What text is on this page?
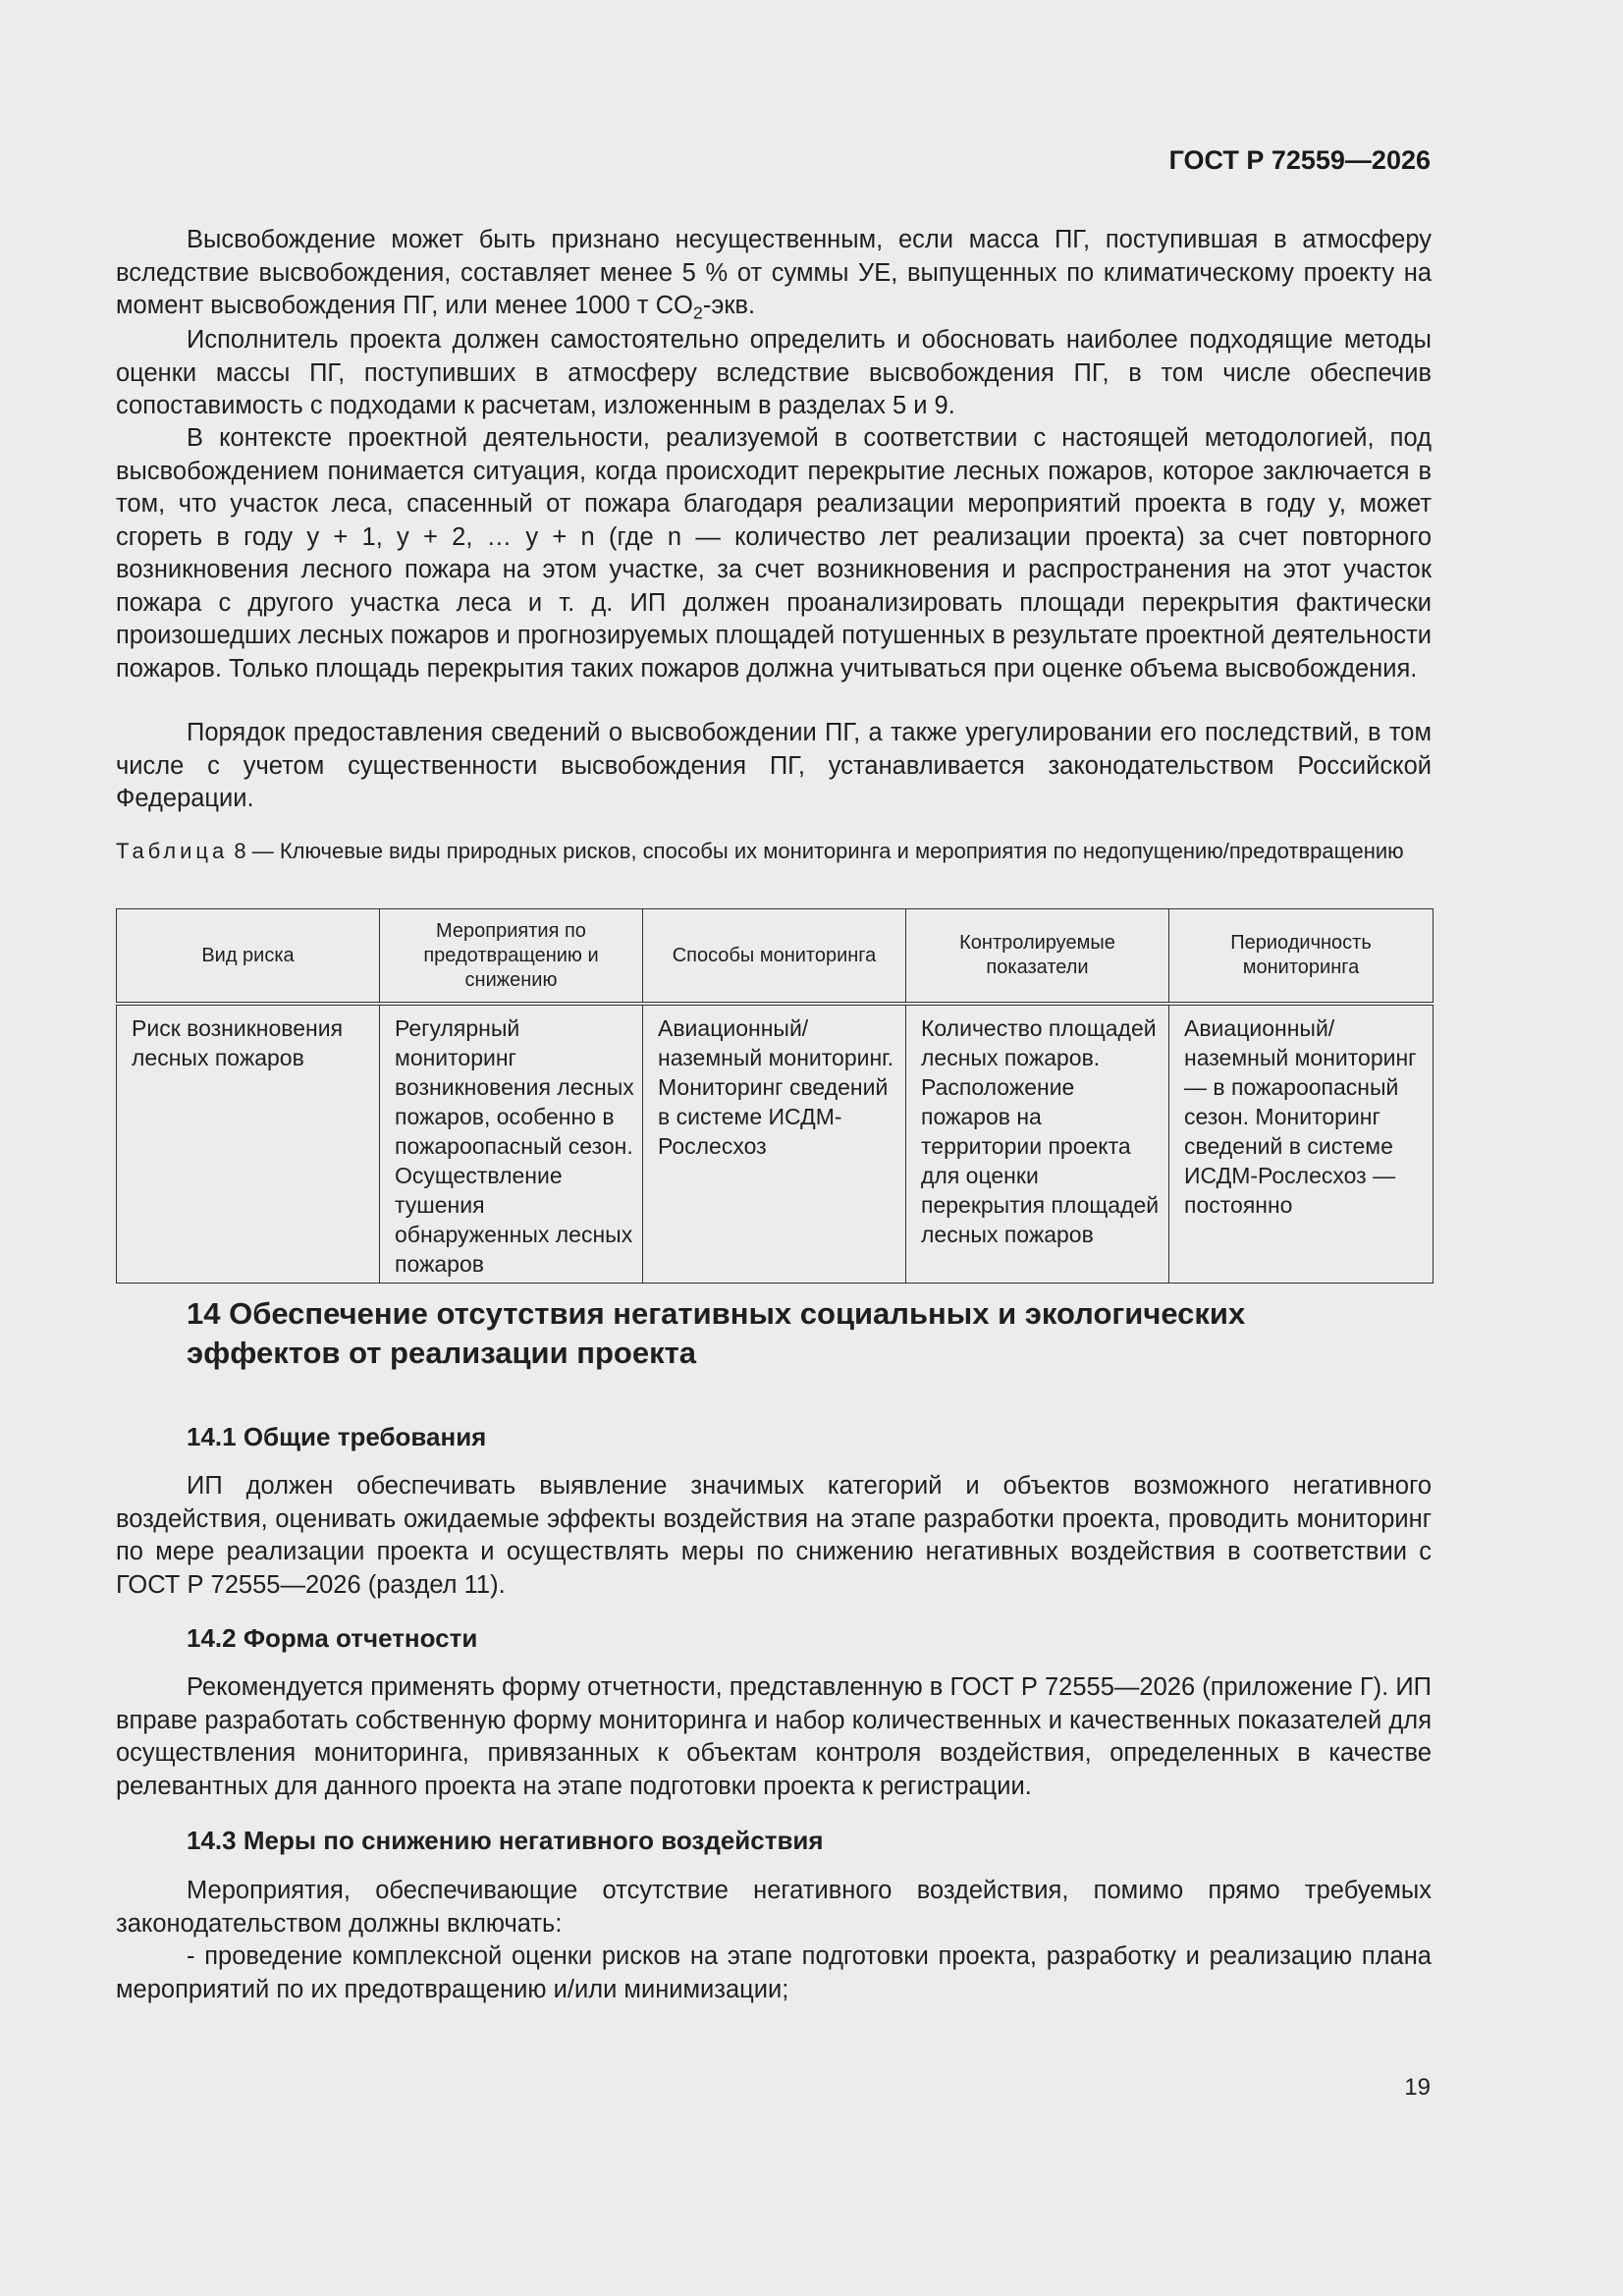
ГОСТ Р 72559—2026

Высвобождение может быть признано несущественным, если масса ПГ, поступившая в атмосферу вследствие высвобождения, составляет менее 5 % от суммы УЕ, выпущенных по климатическому проекту на момент высвобождения ПГ, или менее 1000 т $CO_2$-экв.

Исполнитель проекта должен самостоятельно определить и обосновать наиболее подходящие методы оценки массы ПГ, поступивших в атмосферу вследствие высвобождения ПГ, в том числе обеспечив сопоставимость с подходами к расчетам, изложенным в разделах 5 и 9.

В контексте проектной деятельности, реализуемой в соответствии с настоящей методологией, под высвобождением понимается ситуация, когда происходит перекрытие лесных пожаров, которое заключается в том, что участок леса, спасенный от пожара благодаря реализации мероприятий проекта в году y, может сгореть в году y + 1, y + 2, … y + n (где n — количество лет реализации проекта) за счет повторного возникновения лесного пожара на этом участке, за счет возникновения и распространения на этот участок пожара с другого участка леса и т. д. ИП должен проанализировать площади перекрытия фактически произошедших лесных пожаров и прогнозируемых площадей потушенных в результате проектной деятельности пожаров. Только площадь перекрытия таких пожаров должна учитываться при оценке объема высвобождения.

Порядок предоставления сведений о высвобождении ПГ, а также урегулировании его последствий, в том числе с учетом существенности высвобождения ПГ, устанавливается законодательством Российской Федерации.

Таблица 8 — Ключевые виды природных рисков, способы их мониторинга и мероприятия по недопущению/предотвращению
Вид риска	Мероприятия по предотвращению и снижению	Способы мониторинга	Контролируемые показатели	Периодичность мониторинга
Риск возникновения лесных пожаров	Регулярный мониторинг возникновения лесных пожаров, особенно в пожароопасный сезон. Осуществление тушения обнаруженных лесных пожаров	Авиационный/наземный мониторинг. Мониторинг сведений в системе ИСДМ-Рослесхоз	Количество площадей лесных пожаров. Расположение пожаров на территории проекта для оценки перекрытия площадей лесных пожаров	Авиационный/наземный мониторинг — в пожароопасный сезон. Мониторинг сведений в системе ИСДМ-Рослесхоз — постоянно
14 Обеспечение отсутствия негативных социальных и экологических эффектов от реализации проекта
14.1 Общие требования

ИП должен обеспечивать выявление значимых категорий и объектов возможного негативного воздействия, оценивать ожидаемые эффекты воздействия на этапе разработки проекта, проводить мониторинг по мере реализации проекта и осуществлять меры по снижению негативных воздействия в соответствии с ГОСТ Р 72555—2026 (раздел 11).

14.2 Форма отчетности

Рекомендуется применять форму отчетности, представленную в ГОСТ Р 72555—2026 (приложение Г). ИП вправе разработать собственную форму мониторинга и набор количественных и качественных показателей для осуществления мониторинга, привязанных к объектам контроля воздействия, определенных в качестве релевантных для данного проекта на этапе подготовки проекта к регистрации.

14.3 Меры по снижению негативного воздействия

Мероприятия, обеспечивающие отсутствие негативного воздействия, помимо прямо требуемых законодательством должны включать:

- проведение комплексной оценки рисков на этапе подготовки проекта, разработку и реализацию плана мероприятий по их предотвращению и/или минимизации;

19
